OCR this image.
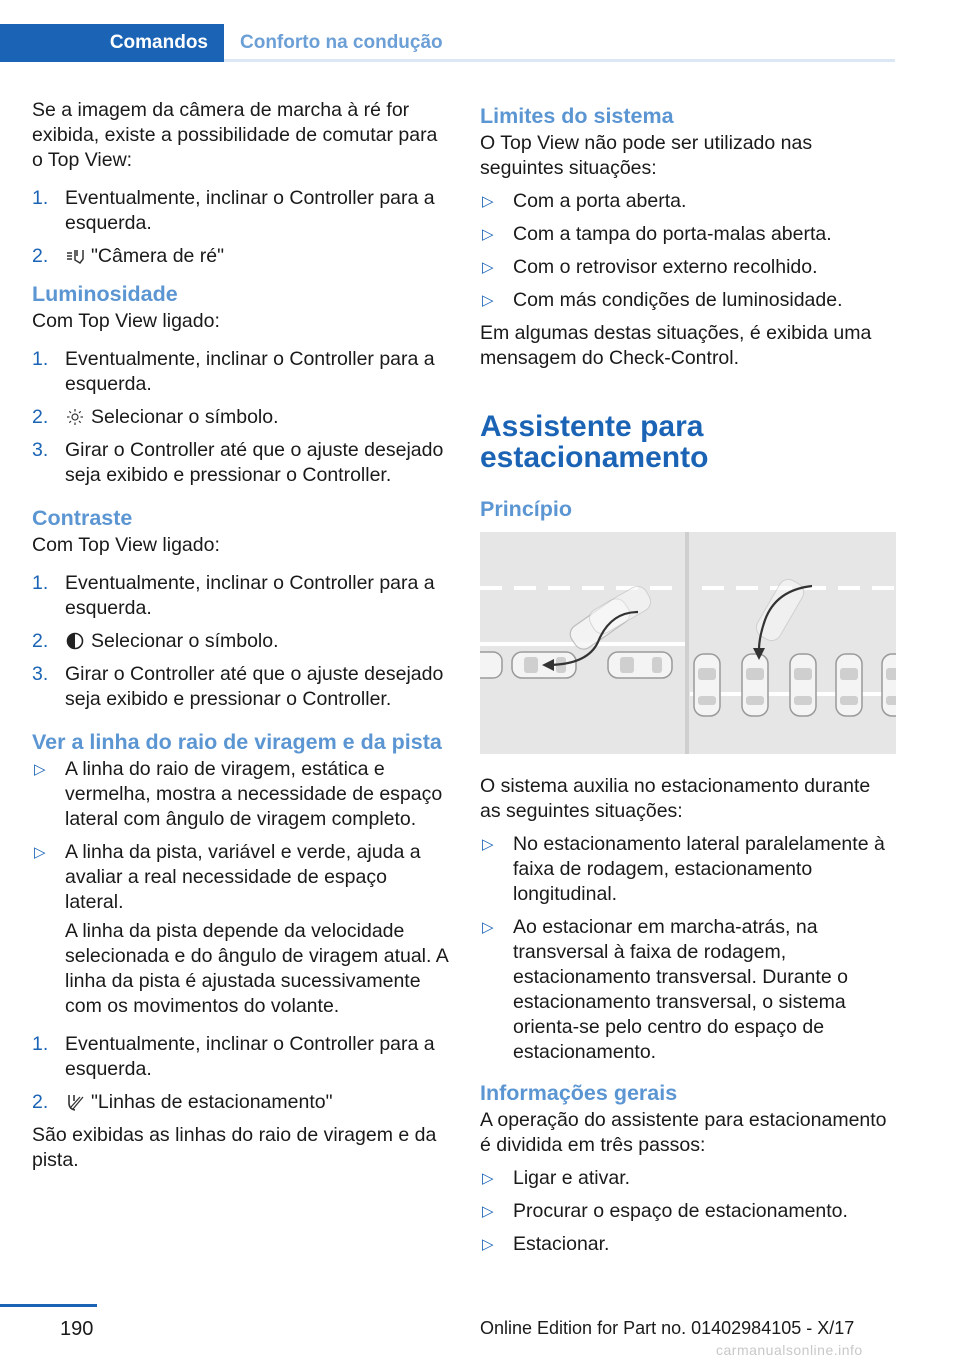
Comandos	Conforto na condução

Se a imagem da câmera de marcha à ré for exibida, existe a possibilidade de comutar para o Top View:

1. Eventualmente, inclinar o Controller para a esquerda.
2. "Câmera de ré"
Luminosidade

Com Top View ligado:

1. Eventualmente, inclinar o Controller para a esquerda.
2. Selecionar o símbolo.
3. Girar o Controller até que o ajuste desejado seja exibido e pressionar o Controller.
Contraste

Com Top View ligado:

1. Eventualmente, inclinar o Controller para a esquerda.
2. Selecionar o símbolo.
3. Girar o Controller até que o ajuste desejado seja exibido e pressionar o Controller.
Ver a linha do raio de viragem e da pista
▷ A linha do raio de viragem, estática e vermelha, mostra a necessidade de espaço lateral com ângulo de viragem completo.
▷ A linha da pista, variável e verde, ajuda a avaliar a real necessidade de espaço lateral.
A linha da pista depende da velocidade selecionada e do ângulo de viragem atual. A linha da pista é ajustada sucessivamente com os movimentos do volante.
1. Eventualmente, inclinar o Controller para a esquerda.
2. "Linhas de estacionamento"

São exibidas as linhas do raio de viragem e da pista.

Limites do sistema

O Top View não pode ser utilizado nas seguintes situações:

▷ Com a porta aberta.
▷ Com a tampa do porta-malas aberta.
▷ Com o retrovisor externo recolhido.
▷ Com más condições de luminosidade.

Em algumas destas situações, é exibida uma mensagem do Check-Control.

Assistente para estacionamento
Princípio

O sistema auxilia no estacionamento durante as seguintes situações:

▷ No estacionamento lateral paralelamente à faixa de rodagem, estacionamento longitudinal.
▷ Ao estacionar em marcha-atrás, na transversal à faixa de rodagem, estacionamento transversal. Durante o estacionamento transversal, o sistema orienta-se pelo centro do espaço de estacionamento.
Informações gerais

A operação do assistente para estacionamento é dividida em três passos:

▷ Ligar e ativar.
▷ Procurar o espaço de estacionamento.
▷ Estacionar.
190	Online Edition for Part no. 01402984105 - X/17
carmanualsonline.info
